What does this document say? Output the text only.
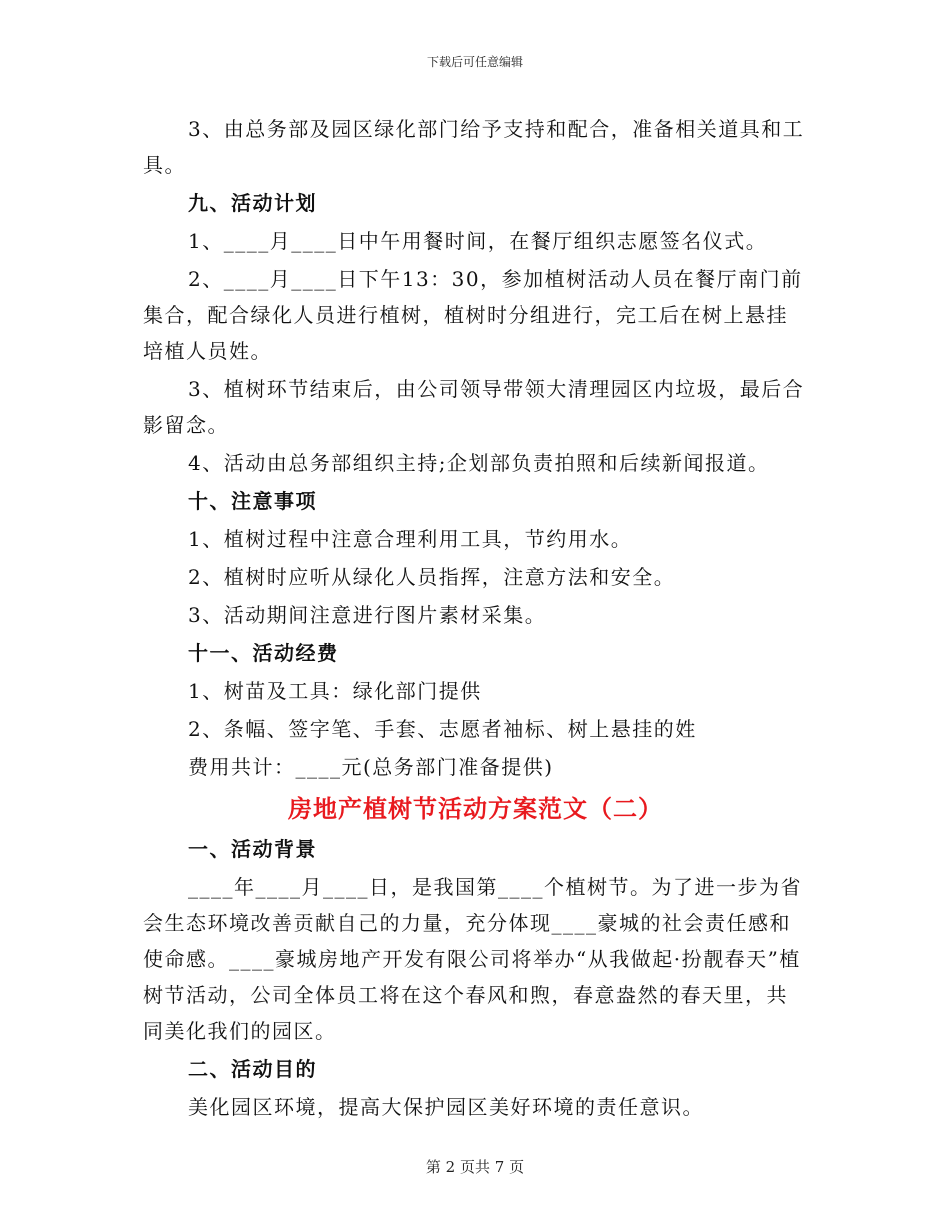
下载后可任意编辑

3、由总务部及园区绿化部门给予支持和配合，准备相关道具和工具。

九、活动计划

1、____月____日中午用餐时间，在餐厅组织志愿签名仪式。

2、____月____日下午13：30，参加植树活动人员在餐厅南门前集合，配合绿化人员进行植树，植树时分组进行，完工后在树上悬挂培植人员姓。

3、植树环节结束后，由公司领导带领大清理园区内垃圾，最后合影留念。

4、活动由总务部组织主持;企划部负责拍照和后续新闻报道。

十、注意事项

1、植树过程中注意合理利用工具，节约用水。

2、植树时应听从绿化人员指挥，注意方法和安全。

3、活动期间注意进行图片素材采集。

十一、活动经费

1、树苗及工具：绿化部门提供

2、条幅、签字笔、手套、志愿者袖标、树上悬挂的姓

费用共计：____元(总务部门准备提供)

房地产植树节活动方案范文（二）

一、活动背景

____年____月____日，是我国第____个植树节。为了进一步为省会生态环境改善贡献自己的力量，充分体现____豪城的社会责任感和使命感。____豪城房地产开发有限公司将举办“从我做起·扮靓春天”植树节活动，公司全体员工将在这个春风和煦，春意盎然的春天里，共同美化我们的园区。

二、活动目的

美化园区环境，提高大保护园区美好环境的责任意识。

第 2 页共 7 页
